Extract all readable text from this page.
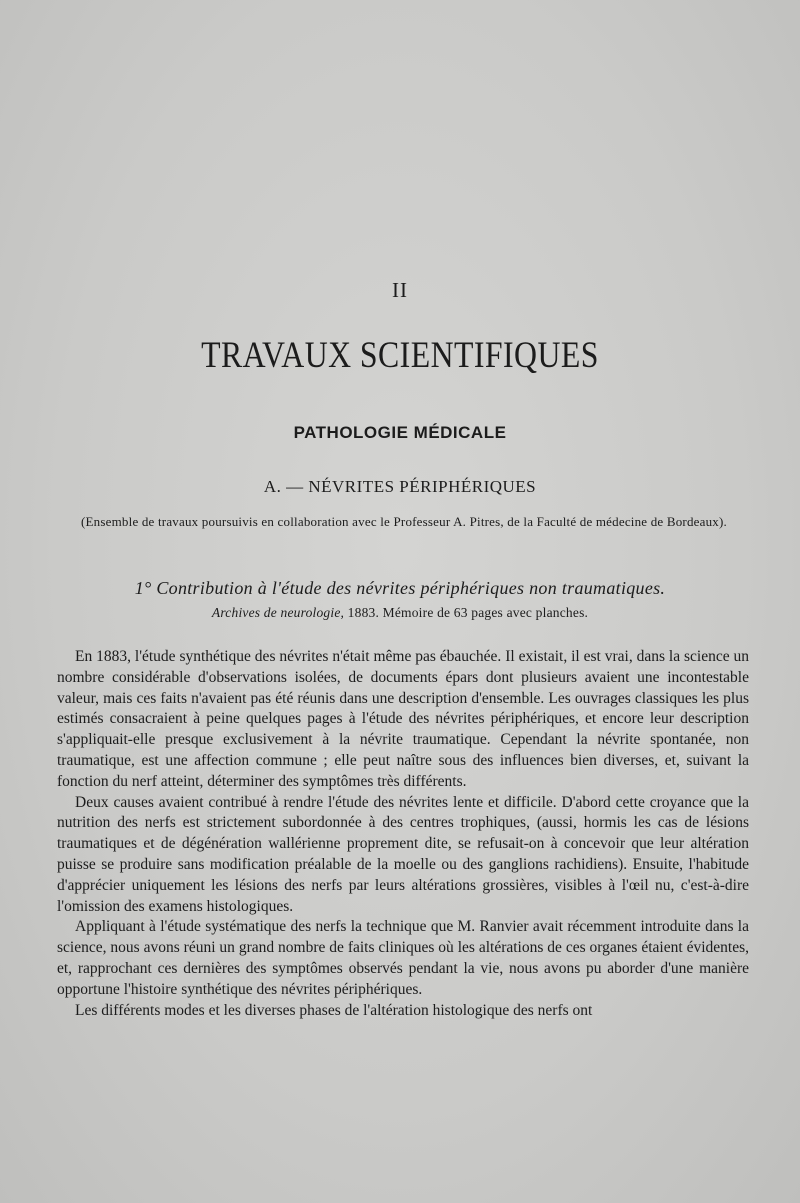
II
TRAVAUX SCIENTIFIQUES
PATHOLOGIE MÉDICALE
A. — NÉVRITES PÉRIPHÉRIQUES
(Ensemble de travaux poursuivis en collaboration avec le Professeur A. Pitres, de la Faculté de médecine de Bordeaux).
1° Contribution à l'étude des névrites périphériques non traumatiques.
Archives de neurologie, 1883. Mémoire de 63 pages avec planches.

En 1883, l'étude synthétique des névrites n'était même pas ébauchée. Il existait, il est vrai, dans la science un nombre considérable d'observations isolées, de documents épars dont plusieurs avaient une incontestable valeur, mais ces faits n'avaient pas été réunis dans une description d'ensemble. Les ouvrages classiques les plus estimés consacraient à peine quelques pages à l'étude des névrites périphériques, et encore leur description s'appliquait-elle presque exclusivement à la névrite traumatique. Cependant la névrite spontanée, non traumatique, est une affection commune ; elle peut naître sous des influences bien diverses, et, suivant la fonction du nerf atteint, déterminer des symptômes très différents.

Deux causes avaient contribué à rendre l'étude des névrites lente et difficile. D'abord cette croyance que la nutrition des nerfs est strictement subordonnée à des centres trophiques, (aussi, hormis les cas de lésions traumatiques et de dégénération wallérienne proprement dite, se refusait-on à concevoir que leur altération puisse se produire sans modification préalable de la moelle ou des ganglions rachidiens). Ensuite, l'habitude d'apprécier uniquement les lésions des nerfs par leurs altérations grossières, visibles à l'œil nu, c'est-à-dire l'omission des examens histologiques.

Appliquant à l'étude systématique des nerfs la technique que M. Ranvier avait récemment introduite dans la science, nous avons réuni un grand nombre de faits cliniques où les altérations de ces organes étaient évidentes, et, rapprochant ces dernières des symptômes observés pendant la vie, nous avons pu aborder d'une manière opportune l'histoire synthétique des névrites périphériques.

Les différents modes et les diverses phases de l'altération histologique des nerfs ont
